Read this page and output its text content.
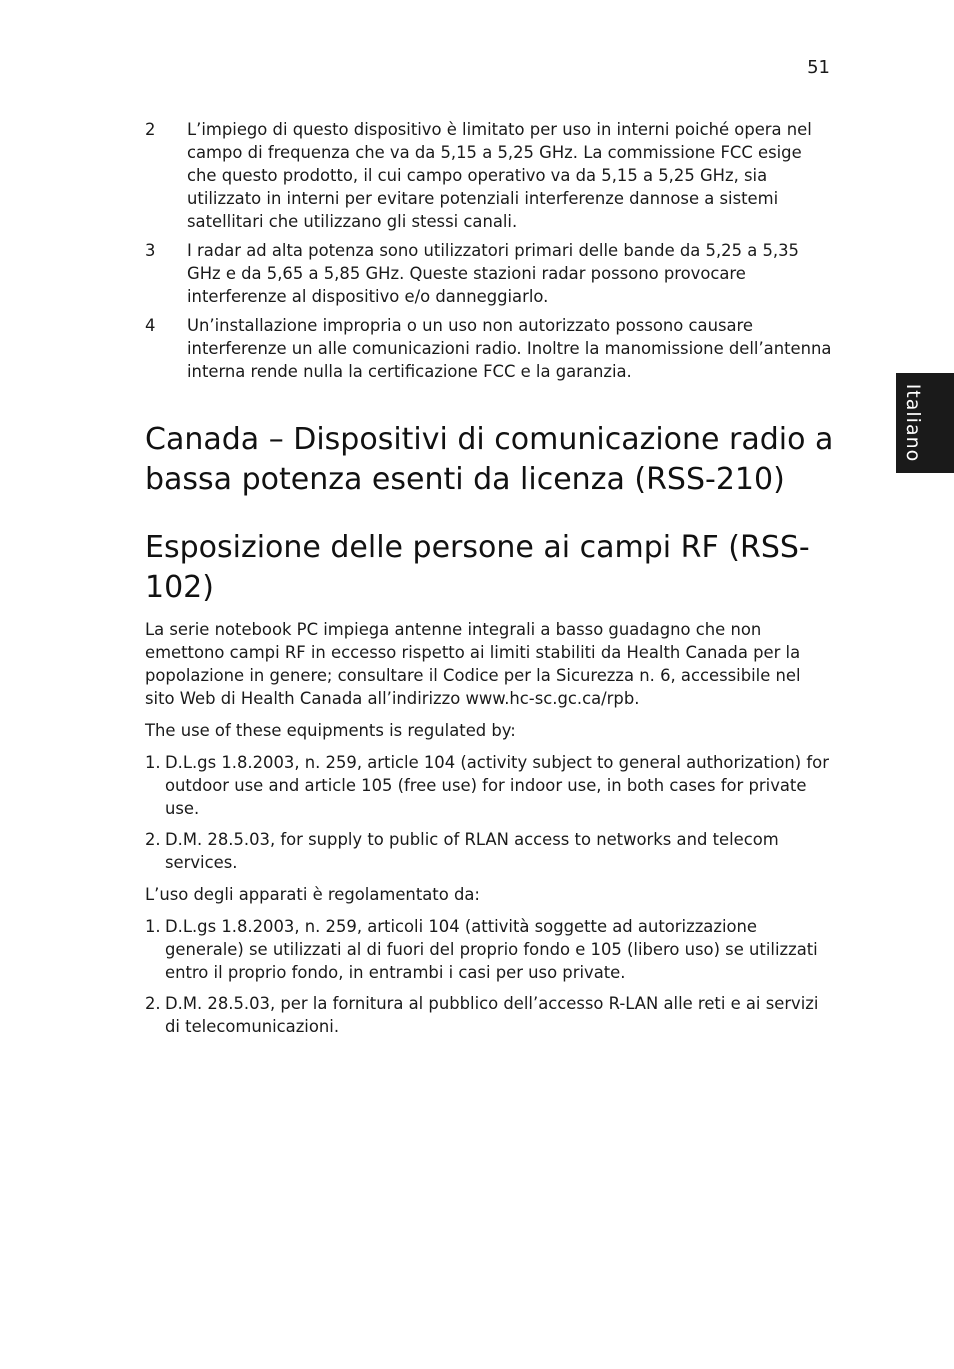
51
Italiano
2	L’impiego di questo dispositivo è limitato per uso in interni poiché opera nel campo di frequenza che va da 5,15 a 5,25 GHz. La commissione FCC esige che questo prodotto, il cui campo operativo va da 5,15 a 5,25 GHz, sia utilizzato in interni per evitare potenziali interferenze dannose a sistemi satellitari che utilizzano gli stessi canali.
3	I radar ad alta potenza sono utilizzatori primari delle bande da 5,25 a 5,35 GHz e da 5,65 a 5,85 GHz. Queste stazioni radar possono provocare interferenze al dispositivo e/o danneggiarlo.
4	Un’installazione impropria o un uso non autorizzato possono causare interferenze un alle comunicazioni radio. Inoltre la manomissione dell’antenna interna rende nulla la certificazione FCC e la garanzia.
Canada – Dispositivi di comunicazione radio a bassa potenza esenti da licenza (RSS-210)
Esposizione delle persone ai campi RF (RSS-102)

La serie notebook PC impiega antenne integrali a basso guadagno che non emettono campi RF in eccesso rispetto ai limiti stabiliti da Health Canada per la popolazione in genere; consultare il Codice per la Sicurezza n. 6, accessibile nel sito Web di Health Canada all’indirizzo www.hc-sc.gc.ca/rpb.

The use of these equipments is regulated by:

1. D.L.gs 1.8.2003, n. 259, article 104 (activity subject to general authorization) for outdoor use and article 105 (free use) for indoor use, in both cases for private use.
2. D.M. 28.5.03, for supply to public of RLAN access to networks and telecom services.

L’uso degli apparati è regolamentato da:

1. D.L.gs 1.8.2003, n. 259, articoli 104 (attività soggette ad autorizzazione generale) se utilizzati al di fuori del proprio fondo e 105 (libero uso) se utilizzati entro il proprio fondo, in entrambi i casi per uso private.
2. D.M. 28.5.03, per la fornitura al pubblico dell’accesso R-LAN alle reti e ai servizi di telecomunicazioni.
